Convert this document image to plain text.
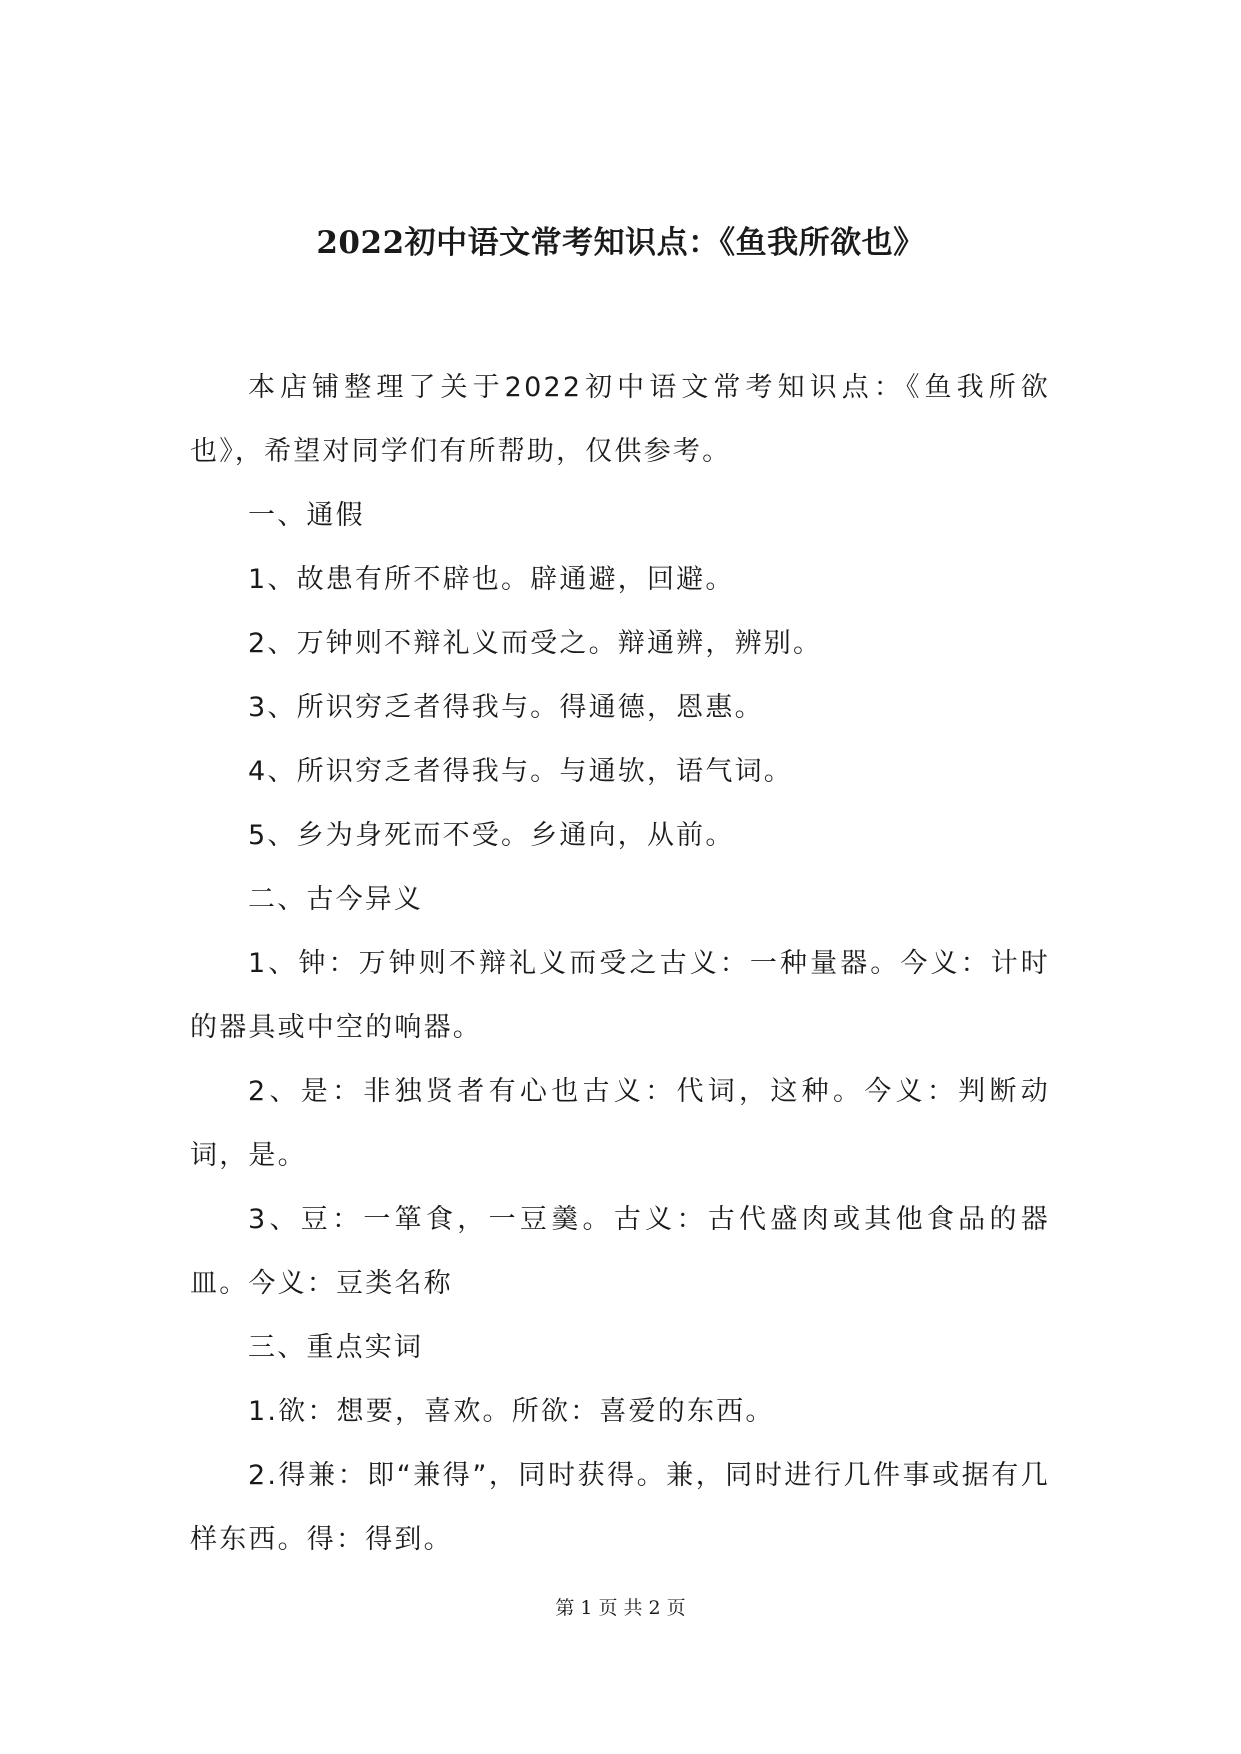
2022初中语文常考知识点：《鱼我所欲也》

本店铺整理了关于2022初中语文常考知识点：《鱼我所欲也》，希望对同学们有所帮助，仅供参考。

一、通假

1、故患有所不辟也。辟通避，回避。

2、万钟则不辩礼义而受之。辩通辨，辨别。

3、所识穷乏者得我与。得通德，恩惠。

4、所识穷乏者得我与。与通欤，语气词。

5、乡为身死而不受。乡通向，从前。

二、古今异义

1、钟：万钟则不辩礼义而受之古义：一种量器。今义：计时的器具或中空的响器。

2、是：非独贤者有心也古义：代词，这种。今义：判断动词，是。

3、豆：一箪食，一豆羹。古义：古代盛肉或其他食品的器皿。今义：豆类名称

三、重点实词

1.欲：想要，喜欢。所欲：喜爱的东西。

2.得兼：即“兼得”，同时获得。兼，同时进行几件事或据有几样东西。得：得到。

第 1 页 共 2 页
